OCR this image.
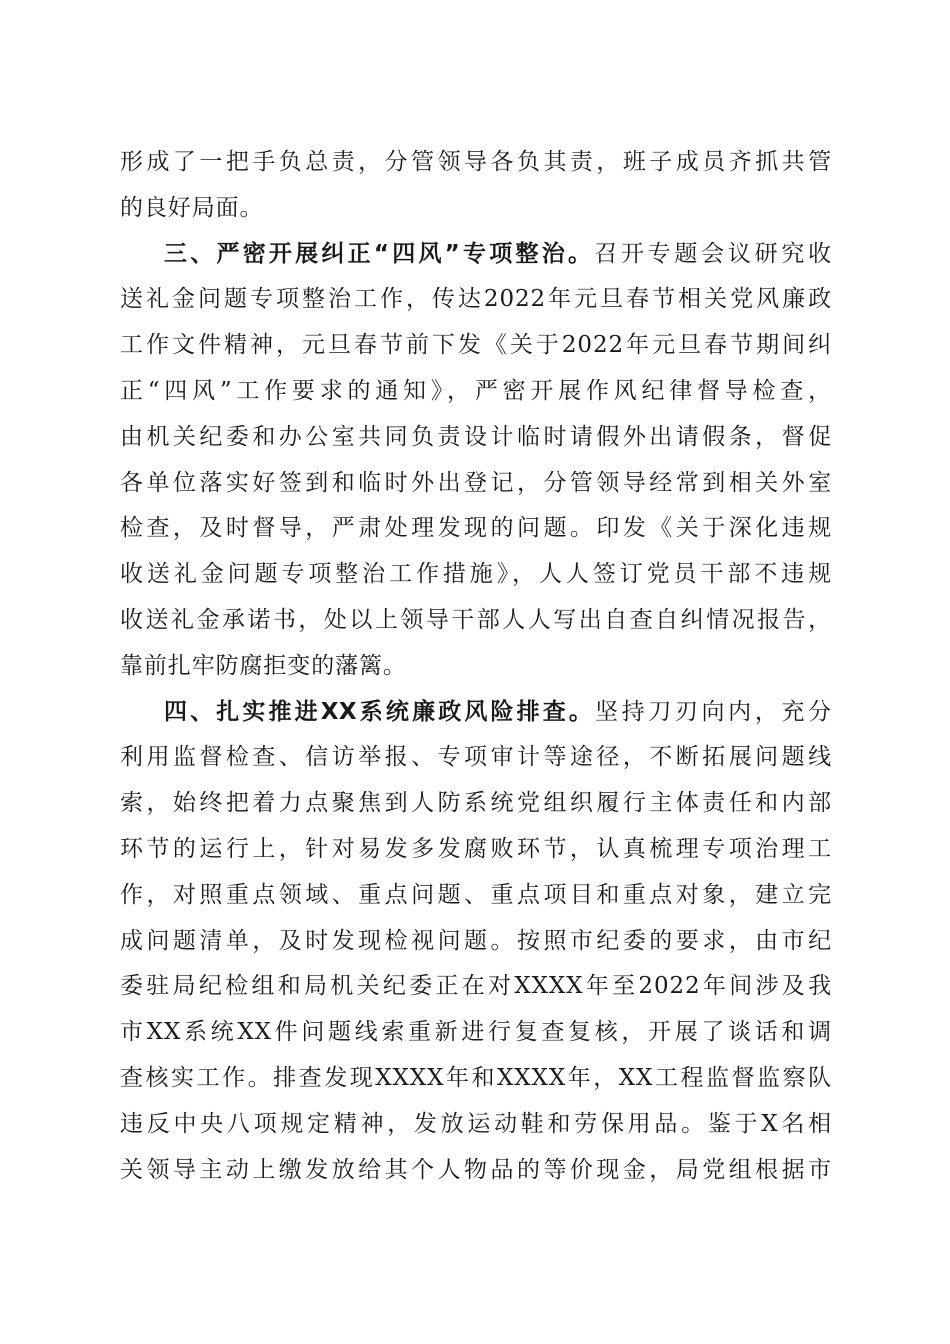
形成了一把手负总责，分管领导各负其责，班子成员齐抓共管
的良好局面。
三、严密开展纠正“四风”专项整治。召开专题会议研究收
送礼金问题专项整治工作，传达2022年元旦春节相关党风廉政
工作文件精神，元旦春节前下发《关于2022年元旦春节期间纠
正“四风”工作要求的通知》，严密开展作风纪律督导检查，
由机关纪委和办公室共同负责设计临时请假外出请假条，督促
各单位落实好签到和临时外出登记，分管领导经常到相关外室
检查，及时督导，严肃处理发现的问题。印发《关于深化违规
收送礼金问题专项整治工作措施》，人人签订党员干部不违规
收送礼金承诺书，处以上领导干部人人写出自查自纠情况报告，
靠前扎牢防腐拒变的藩篱。
四、扎实推进XX系统廉政风险排查。坚持刀刃向内，充分
利用监督检查、信访举报、专项审计等途径，不断拓展问题线
索，始终把着力点聚焦到人防系统党组织履行主体责任和内部
环节的运行上，针对易发多发腐败环节，认真梳理专项治理工
作，对照重点领域、重点问题、重点项目和重点对象，建立完
成问题清单，及时发现检视问题。按照市纪委的要求，由市纪
委驻局纪检组和局机关纪委正在对XXXX年至2022年间涉及我
市XX系统XX件问题线索重新进行复查复核，开展了谈话和调
查核实工作。排查发现XXXX年和XXXX年，XX工程监督监察队
违反中央八项规定精神，发放运动鞋和劳保用品。鉴于X名相
关领导主动上缴发放给其个人物品的等价现金，局党组根据市
